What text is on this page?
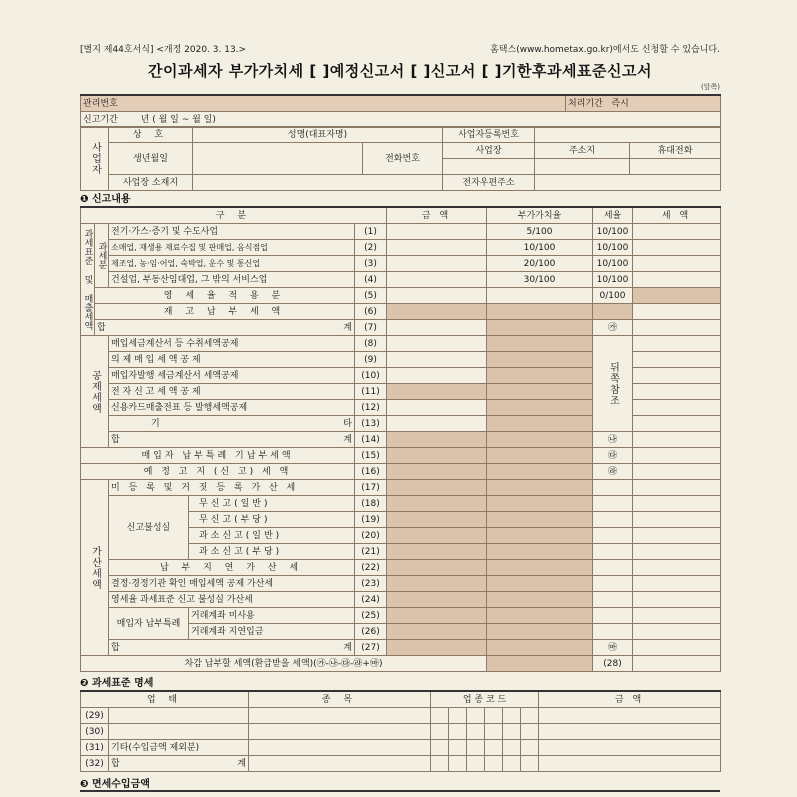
[별지 제44호서식] <개정 2020. 3. 13.>	홈택스(www.hometax.go.kr)에서도 신청할 수 있습니다.
간이과세자 부가가치세 [ ]예정신고서 [ ]신고서 [ ]기한후과세표준신고서
(앞쪽)
관리번호	처리기간 즉시
신고기간	년 ( 월 일 ~ 월 일)
사업자	상 호	성명(대표자명)		사업자등록번호		
	생년월일		전화번호	사업장	주소지	휴대전화

	사업장 소재지			전자우편주소		
❶ 신고내용
구 분					금 액	부가가치율	세율	세 액
과세표준 및 매출세액	과세분	전기·가스·증기 및 수도사업		(1)		5/100	10/100	
		소매업, 재생용 재료수집 및 판매업, 음식점업		(2)		10/100	10/100	
		제조업, 농·임·어업, 숙박업, 운수 및 통신업		(3)		20/100	10/100	
		건설업, 부동산임대업, 그 밖의 서비스업		(4)		30/100	10/100	
	영 세 율 적 용 분			(5)			0/100	
	재 고 납 부 세 액			(6)				
	합 계			(7)			㉮	
공제세액		매입세금계산서 등 수취세액공제		(8)			뒤쪽참조	
		의 제 매 입 세 액 공 제		(9)				
		매입자발행 세금계산서 세액공제		(10)				
		전 자 신 고 세 액 공 제		(11)				
		신용카드매출전표 등 발행세액공제		(12)				
		기 타		(13)				
		합 계		(14)			㉯	
매입자 납부특례 기납부세액				(15)			㉰	
예 정 고 지 (신 고) 세 액				(16)			㉱	
가산세액		미 등 록 및 거 짓 등 록 가 산 세		(17)				
		신고불성실	무신고(일반)	(18)				
			무신고(부당)	(19)				
			과소신고(일반)	(20)				
			과소신고(부당)	(21)				
		납 부 지 연 가 산 세		(22)				
		결정·경정기관 확인 매입세액 공제 가산세		(23)				
		영세율 과세표준 신고 불성실 가산세		(24)				
		매입자 납부특례	거래계좌 미사용	(25)				
			거래계좌 지연입금	(26)				
		합 계		(27)			㉲	
차감 납부할 세액(환급받을 세액)(㉮-㉯-㉰-㉱+㉲)							(28)	
❷ 과세표준 명세
업 태		종 목	업 종 코 드						금 액
(29)									
(30)									
(31)	기타(수입금액 제외분)								
(32)	합 계								

❸ 면세수입금액
